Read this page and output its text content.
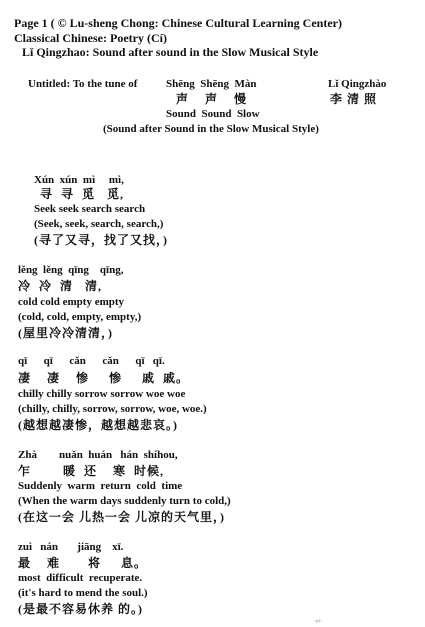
Page 1 ( © Lu-sheng Chong: Chinese Cultural Learning Center)
Classical Chinese: Poetry (Cí)
Lǐ Qingzhao: Sound after sound in the Slow Musical Style
Untitled: To the tune of	Shēng  Shēng  Màn	Lǐ Qingzhào
声    声    慢	李 清 照
Sound  Sound  Slow
(Sound after Sound in the Slow Musical Style)
Xún  xún  mì     mì,
寻  寻  觅   觅,
Seek seek search search
(Seek, seek, search, search,)
(寻了又寻，找了又找，)
lěng  lěng  qīng    qīng,
冷  冷  清   清,
cold cold empty empty
(cold, cold, empty, empty,)
(屋里冷冷清清，)
qī      qī      cǎn      cǎn      qī   qī.
凄    凄    惨     惨     戚  戚。
chilly chilly sorrow sorrow woe woe
(chilly, chilly, sorrow, sorrow, woe, woe.)
(越想越凄惨，越想越悲哀。)
Zhà        nuǎn  huán   hán  shíhou,
乍        暖  还    寒  时候,
Suddenly  warm  return  cold  time
(When the warm days suddenly turn to cold,)
(在这一会 儿热一会 儿凉的天气里，)
zuì   nán       jiāng    xī.
最    难       将     息。
most  difficult  recuperate.
(it's hard to mend the soul.)
(是最不容易休养 的。)
~p4~
